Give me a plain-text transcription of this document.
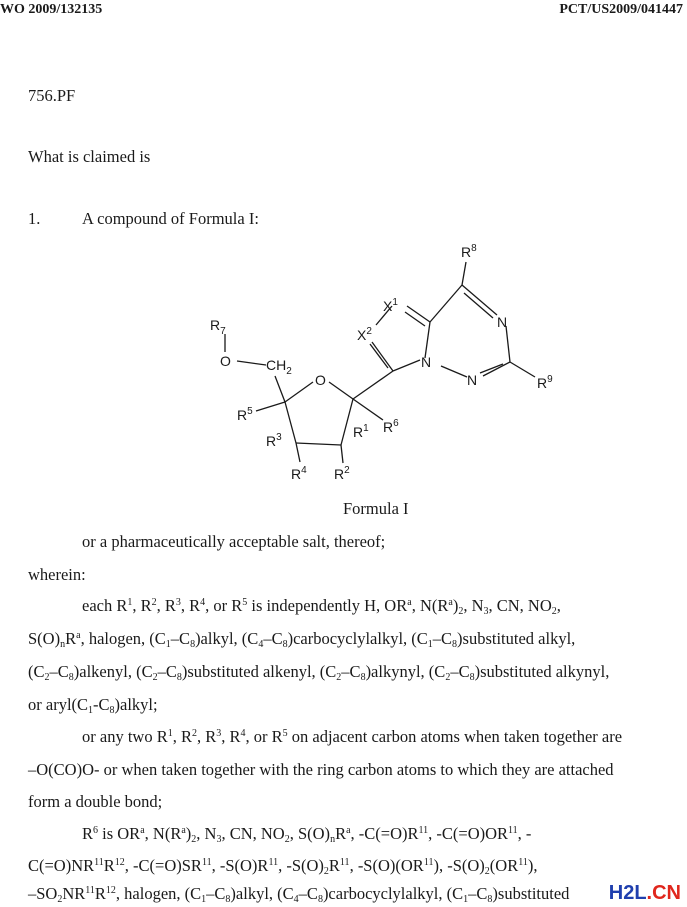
WO 2009/132135	PCT/US2009/041447
756.PF
What is claimed is
1.	A compound of Formula I:
$R_7$
O	$CH_2$
O
$R^5$
$R^6$
$R^3$	$R^1$
$R^4$ $R^2$
$R^8$
$X^1$
$X^2$
N
N
N	$R^9$
Formula I
or a pharmaceutically acceptable salt, thereof;
wherein:
each $R^1$, $R^2$, $R^3$, $R^4$, or $R^5$ is independently H, $OR^a$, $N(R^a)_2$, $N_3$, CN, $NO_2$,
$S(O)_nR^a$, halogen, $(C_1-C_8)alkyl$, $(C_4-C_8)carbocyclylalkyl$, $(C_1-C_8)substituted$ alkyl,
$(C_2-C_8)alkenyl$, $(C_2-C_8)substituted$ alkenyl, $(C_2-C_8)alkynyl$, $(C_2-C_8)substituted$ alkynyl,
or $aryl(C_1-C_8)alkyl$;
or any two $R^1$, $R^2$, $R^3$, $R^4$, or $R^5$ on adjacent carbon atoms when taken together are
–O(CO)O- or when taken together with the ring carbon atoms to which they are attached
form a double bond;
$R^6$ is $OR^a$, $N(R^a)_2$, $N_3$, CN, $NO_2$, $S(O)_nR^a$, $-C(=O)R^{11}$, $-C(=O)OR^{11}$, -
$C(=O)NR^{11}R^{12}$, $-C(=O)SR^{11}$, $-S(O)R^{11}$, $-S(O)_2R^{11}$, -S(O)(OR$^{11}$), $-S(O)_2(OR^{11})$,
$-SO_2NR^{11}R^{12}$, halogen, $(C_1-C_8)alkyl$, $(C_4-C_8)carbocyclylalkyl$, $(C_1-C_8)substituted$ H2L.CN
